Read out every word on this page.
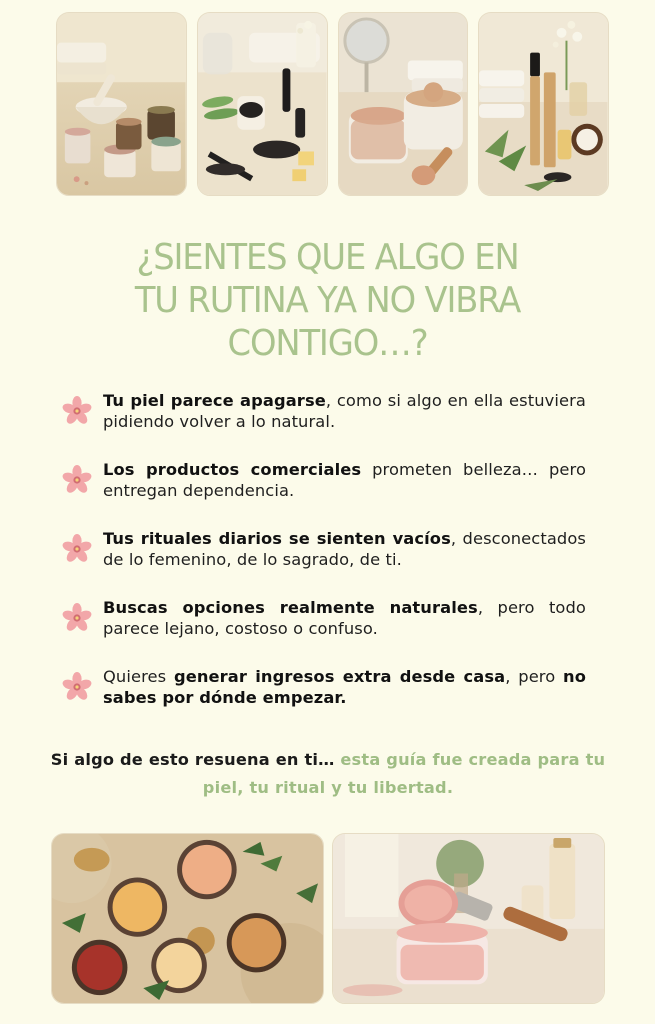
¿SIENTES QUE ALGO EN
TU RUTINA YA NO VIBRA
CONTIGO…?

Tu piel parece apagarse, como si algo en ella estuviera pidiendo volver a lo natural.

Los productos comerciales prometen belleza… pero entregan dependencia.

Tus rituales diarios se sienten vacíos, desconectados de lo femenino, de lo sagrado, de ti.

Buscas opciones realmente naturales, pero todo parece lejano, costoso o confuso.

Quieres generar ingresos extra desde casa, pero no sabes por dónde empezar.

Si algo de esto resuena en ti… esta guía fue creada para tu piel, tu ritual y tu libertad.
